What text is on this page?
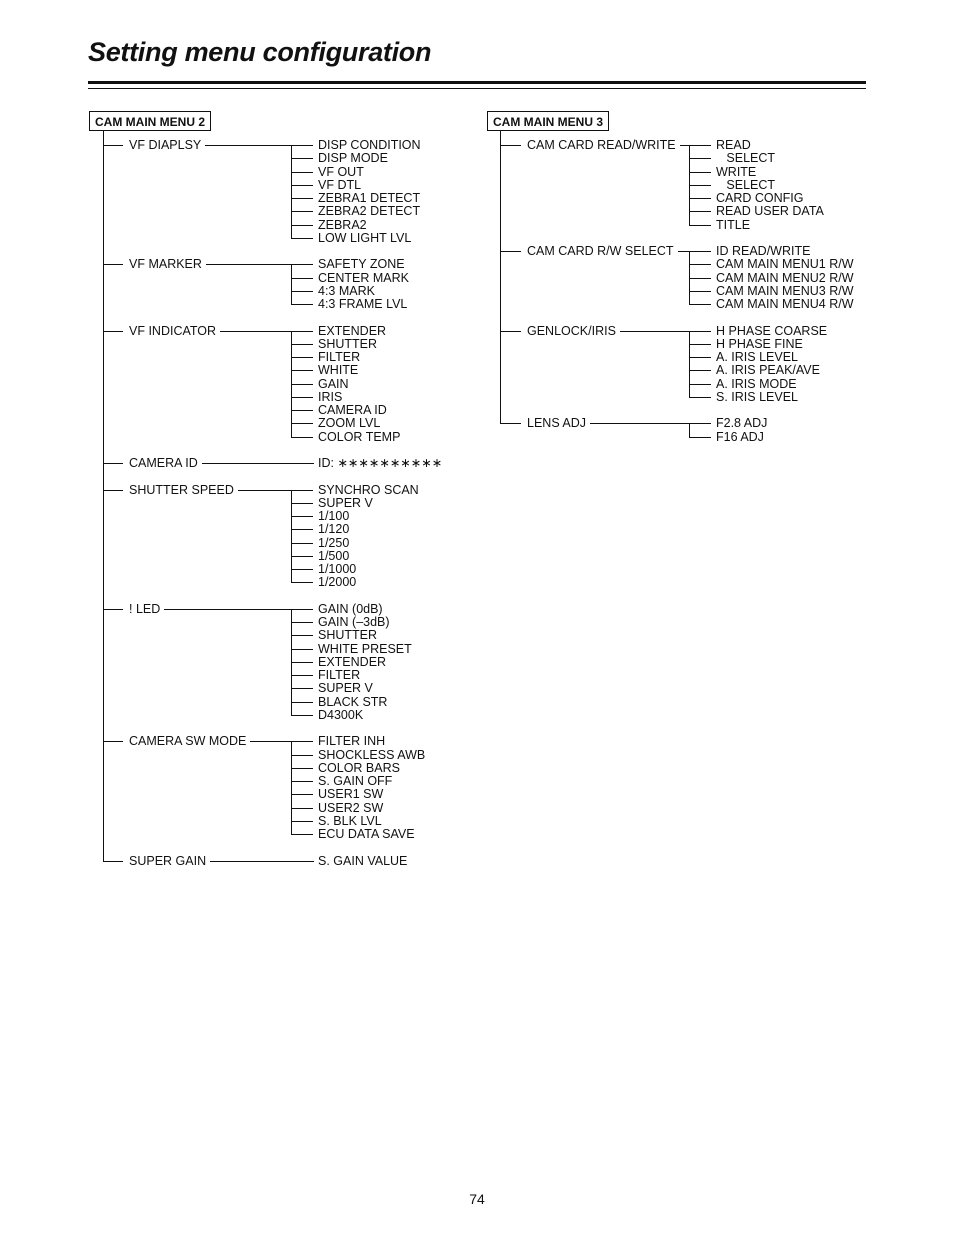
Setting menu configuration
CAM MAIN MENU 2
VF DIAPLSY	DISP CONDITION
DISP MODE
VF OUT
VF DTL
ZEBRA1 DETECT
ZEBRA2 DETECT
ZEBRA2
LOW LIGHT LVL
VF MARKER	SAFETY ZONE
CENTER MARK
4:3 MARK
4:3 FRAME LVL
VF INDICATOR	EXTENDER
SHUTTER
FILTER
WHITE
GAIN
IRIS
CAMERA ID
ZOOM LVL
COLOR TEMP
CAMERA ID	ID: ∗∗∗∗∗∗∗∗∗∗
SHUTTER SPEED	SYNCHRO SCAN
SUPER V
1/100
1/120
1/250
1/500
1/1000
1/2000
! LED	GAIN (0dB)
GAIN (–3dB)
SHUTTER
WHITE PRESET
EXTENDER
FILTER
SUPER V
BLACK STR
D4300K
CAMERA SW MODE	FILTER INH
SHOCKLESS AWB
COLOR BARS
S. GAIN OFF
USER1 SW
USER2 SW
S. BLK LVL
ECU DATA SAVE
SUPER GAIN	S. GAIN VALUE
CAM MAIN MENU 3
CAM CARD READ/WRITE	READ
SELECT
WRITE
SELECT
CARD CONFIG
READ USER DATA
TITLE
CAM CARD R/W SELECT	ID READ/WRITE
CAM MAIN MENU1 R/W
CAM MAIN MENU2 R/W
CAM MAIN MENU3 R/W
CAM MAIN MENU4 R/W
GENLOCK/IRIS	H PHASE COARSE
H PHASE FINE
A. IRIS LEVEL
A. IRIS PEAK/AVE
A. IRIS MODE
S. IRIS LEVEL
LENS ADJ	F2.8 ADJ
F16 ADJ
74
